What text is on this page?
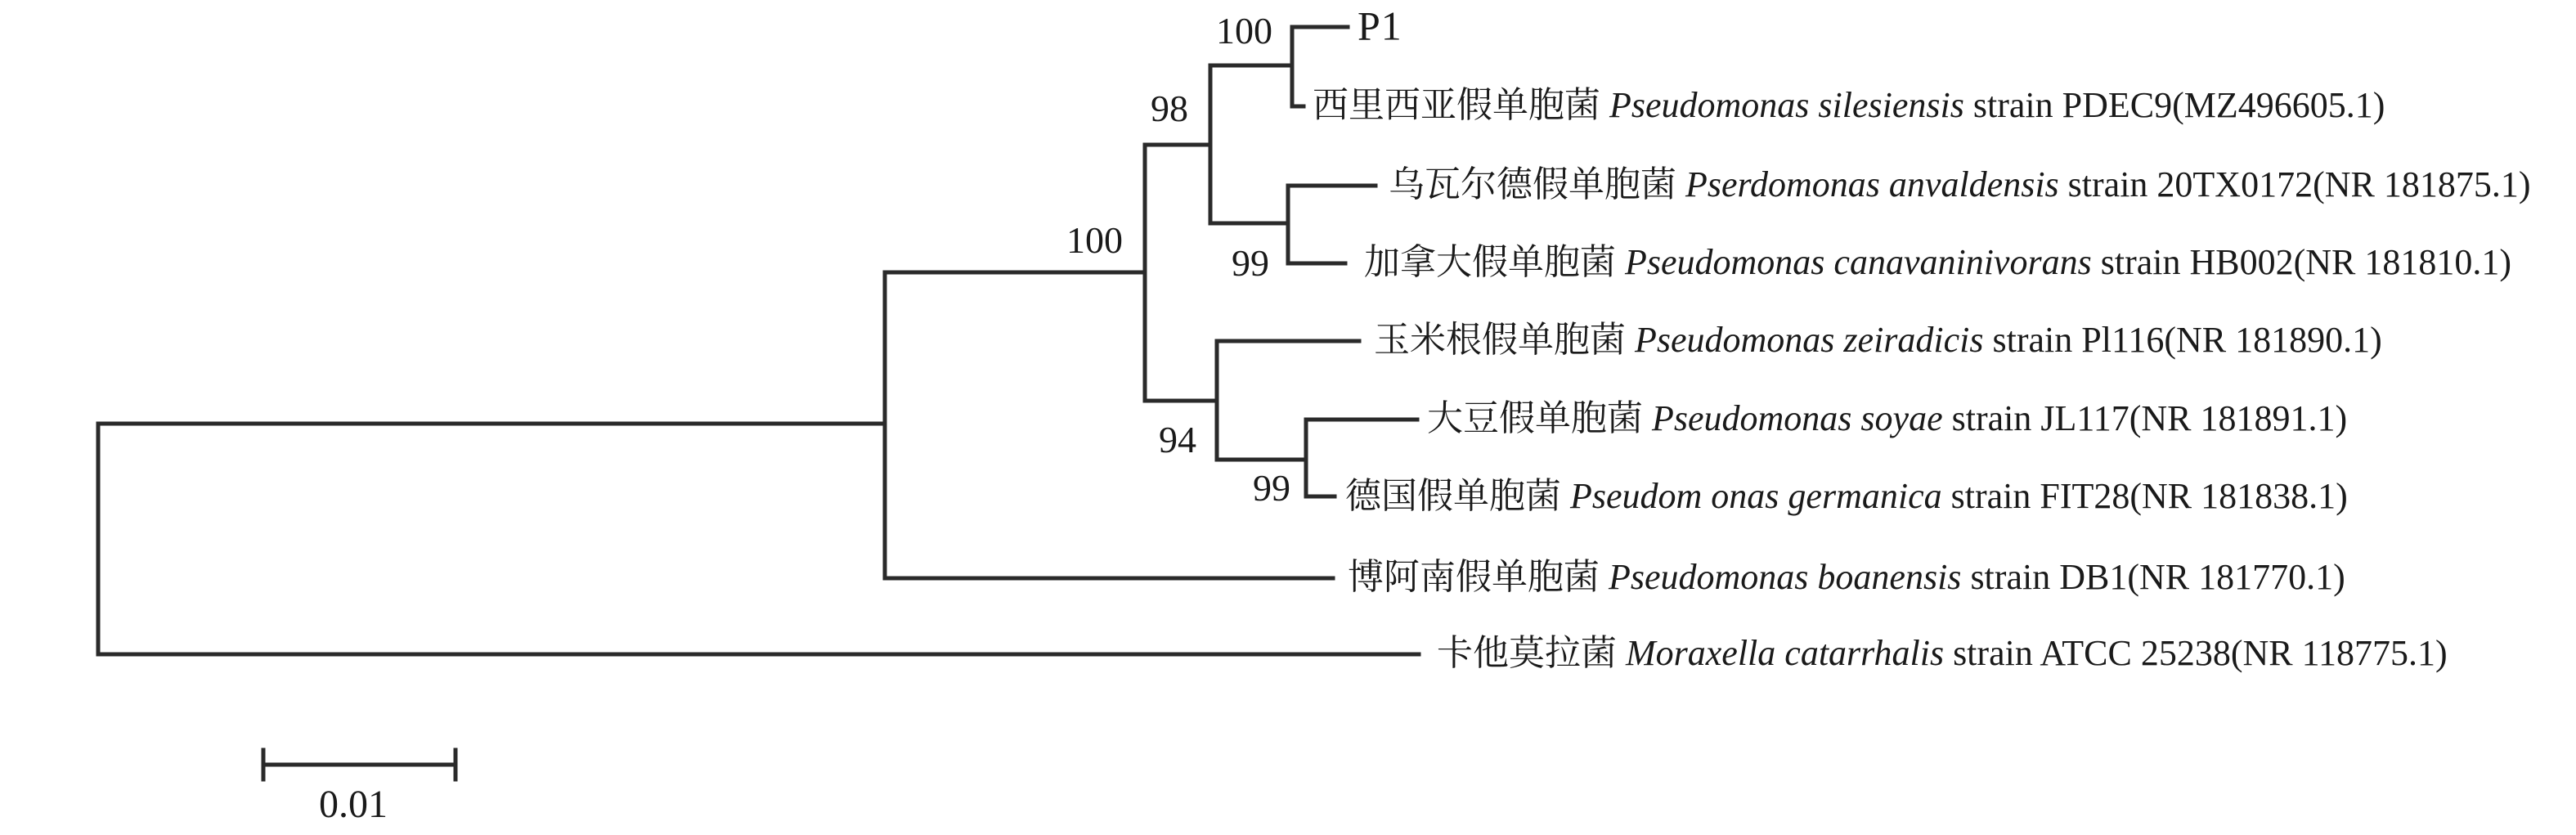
P1
西里西亚假单胞菌 Pseudomonas silesiensis strain PDEC9(MZ496605.1)
乌瓦尔德假单胞菌 Pserdomonas anvaldensis strain 20TX0172(NR 181875.1)
加拿大假单胞菌 Pseudomonas canavaninivorans strain HB002(NR 181810.1)
玉米根假单胞菌 Pseudomonas zeiradicis strain Pl116(NR 181890.1)
大豆假单胞菌 Pseudomonas soyae strain JL117(NR 181891.1)
德国假单胞菌 Pseudom onas germanica strain FIT28(NR 181838.1)
博阿南假单胞菌 Pseudomonas boanensis strain DB1(NR 181770.1)
卡他莫拉菌 Moraxella catarrhalis strain ATCC 25238(NR 118775.1)
100
98
99
100
94
99
0.01
